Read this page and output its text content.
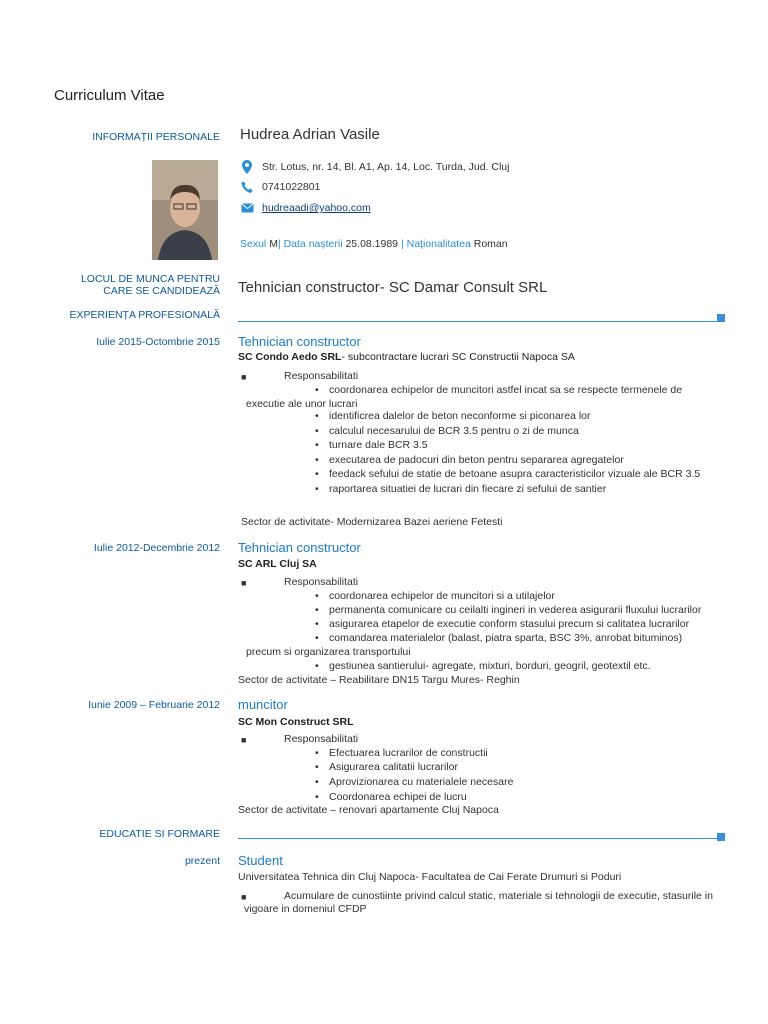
Curriculum Vitae
INFORMAȚII PERSONALE Hudrea Adrian Vasile
Str. Lotus, nr. 14, Bl. A1, Ap. 14, Loc. Turda, Jud. Cluj
0741022801
hudreaadi@yahoo.com
Sexul M| Data nașterii 25.08.1989 | Naționalitatea Roman
LOCUL DE MUNCA PENTRU
CARE SE CANDIDEAZĂ Tehnician constructor- SC Damar Consult SRL
EXPERIENȚA PROFESIONALĂ
Iulie 2015-Octombrie 2015 Tehnician constructor
SC Condo Aedo SRL- subcontractare lucrari SC Constructii Napoca SA
■	Responsabilitati
• coordonarea echipelor de muncitori astfel incat sa se respecte termenele de
executie ale unor lucrari
• identificrea dalelor de beton neconforme si piconarea lor
• calculul necesarului de BCR 3.5 pentru o zi de munca
• turnare dale BCR 3.5
• executarea de padocuri din beton pentru separarea agregatelor
• feedack sefului de statie de betoane asupra caracteristicilor vizuale ale BCR 3.5
• raportarea situatiei de lucrari din fiecare zi sefului de santier
Sector de activitate- Modernizarea Bazei aeriene Fetesti
Iulie 2012-Decembrie 2012 Tehnician constructor
SC ARL Cluj SA
■	Responsabilitati
• coordonarea echipelor de muncitori si a utilajelor
• permanenta comunicare cu ceilalti ingineri in vederea asigurarii fluxului lucrarilor
• asigurarea etapelor de executie conform stasului precum si calitatea lucrarilor
• comandarea materialelor (balast, piatra sparta, BSC 3%, anrobat bituminos)
precum si organizarea transportului
• gestiunea santierului- agregate, mixturi, borduri, geogril, geotextil etc.
Sector de activitate – Reabilitare DN15 Targu Mures- Reghin
Iunie 2009 – Februarie 2012 muncitor
SC Mon Construct SRL
■	Responsabilitati
• Efectuarea lucrarilor de constructii
• Asigurarea calitatii lucrarilor
• Aprovizionarea cu materialele necesare
• Coordonarea echipei de lucru
Sector de activitate – renovari apartamente Cluj Napoca
EDUCATIE SI FORMARE
prezent Student
Universitatea Tehnica din Cluj Napoca- Facultatea de Cai Ferate Drumuri si Poduri
■	Acumulare de cunostiinte privind calcul static, materiale si tehnologii de executie, stasurile in
vigoare in domeniul CFDP
